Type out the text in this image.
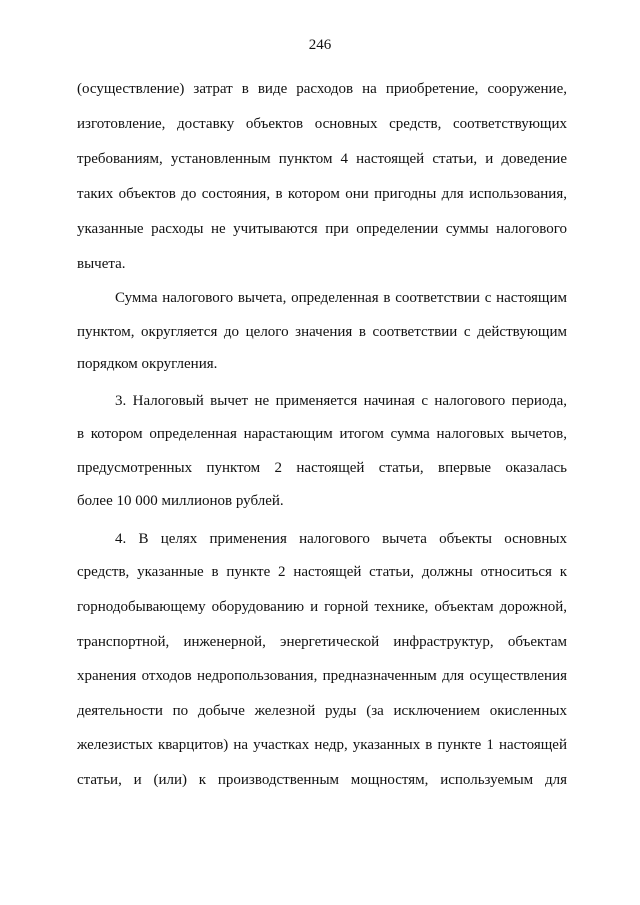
246
(осуществление) затрат в виде расходов на приобретение, сооружение,
изготовление, доставку объектов основных средств, соответствующих
требованиям, установленным пунктом 4 настоящей статьи, и доведение
таких объектов до состояния, в котором они пригодны для использования,
указанные расходы не учитываются при определении суммы налогового
вычета.
Сумма налогового вычета, определенная в соответствии с настоящим
пунктом, округляется до целого значения в соответствии с действующим
порядком округления.
3. Налоговый вычет не применяется начиная с налогового периода,
в котором определенная нарастающим итогом сумма налоговых вычетов,
предусмотренных пунктом 2 настоящей статьи, впервые оказалась
более 10 000 миллионов рублей.
4. В целях применения налогового вычета объекты основных
средств, указанные в пункте 2 настоящей статьи, должны относиться к
горнодобывающему оборудованию и горной технике, объектам дорожной,
транспортной, инженерной, энергетической инфраструктур, объектам
хранения отходов недропользования, предназначенным для осуществления
деятельности по добыче железной руды (за исключением окисленных
железистых кварцитов) на участках недр, указанных в пункте 1 настоящей
статьи, и (или) к производственным мощностям, используемым для
